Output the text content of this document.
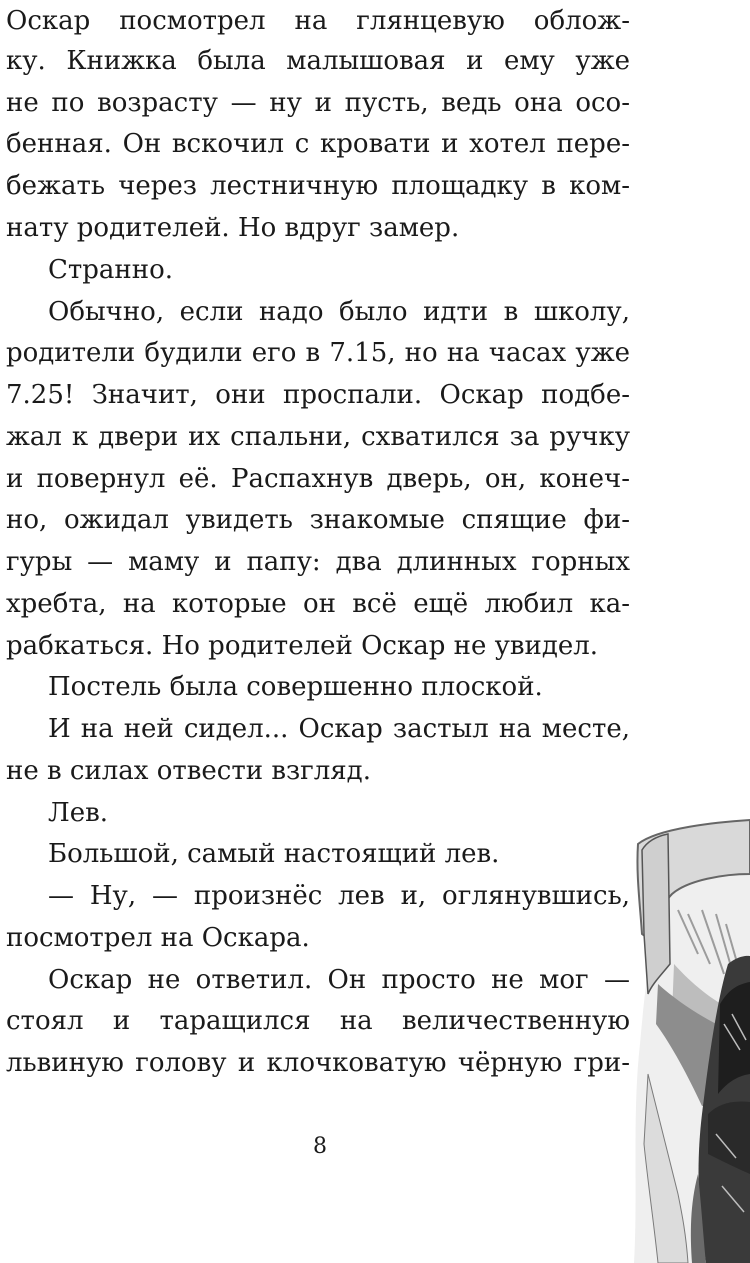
Оскар посмотрел на глянцевую облож-
ку. Книжка была малышовая и ему уже
не по возрасту — ну и пусть, ведь она осо-
бенная. Он вскочил с кровати и хотел пере-
бежать через лестничную площадку в ком-
нату родителей. Но вдруг замер.
Странно.
Обычно, если надо было идти в школу,
родители будили его в 7.15, но на часах уже
7.25! Значит, они проспали. Оскар подбе-
жал к двери их спальни, схватился за ручку
и повернул её. Распахнув дверь, он, конеч-
но, ожидал увидеть знакомые спящие фи-
гуры — маму и папу: два длинных горных
хребта, на которые он всё ещё любил ка-
рабкаться. Но родителей Оскар не увидел.
Постель была совершенно плоской.
И на ней сидел... Оскар застыл на месте,
не в силах отвести взгляд.
Лев.
Большой, самый настоящий лев.
— Ну, — произнёс лев и, оглянувшись,
посмотрел на Оскара.
Оскар не ответил. Он просто не мог —
стоял и таращился на величественную
львиную голову и клочковатую чёрную гри-
8
